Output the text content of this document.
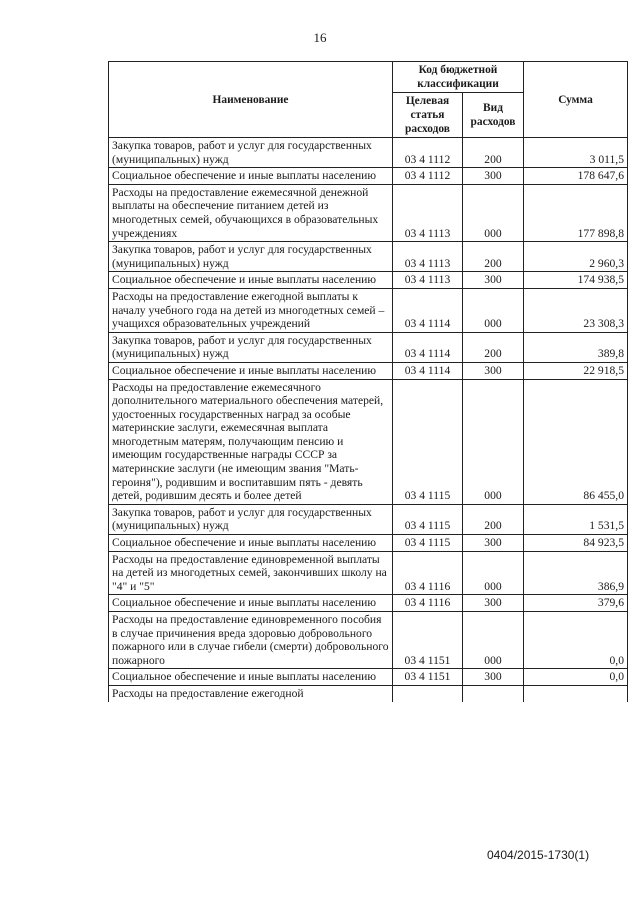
16
Наименование	Код бюджетной классификации		Сумма
	Целевая статья расходов	Вид расходов	
Закупка товаров, работ и услуг для государственных (муниципальных) нужд	03 4 1112	200	3 011,5
Социальное обеспечение и иные выплаты населению	03 4 1112	300	178 647,6
Расходы на предоставление ежемесячной денежной выплаты на обеспечение питанием детей из многодетных семей, обучающихся в образовательных учреждениях	03 4 1113	000	177 898,8
Закупка товаров, работ и услуг для государственных (муниципальных) нужд	03 4 1113	200	2 960,3
Социальное обеспечение и иные выплаты населению	03 4 1113	300	174 938,5
Расходы на предоставление ежегодной выплаты к началу учебного года на детей из многодетных семей – учащихся образовательных учреждений	03 4 1114	000	23 308,3
Закупка товаров, работ и услуг для государственных (муниципальных) нужд	03 4 1114	200	389,8
Социальное обеспечение и иные выплаты населению	03 4 1114	300	22 918,5
Расходы на предоставление ежемесячного дополнительного материального обеспечения матерей, удостоенных государственных наград за особые материнские заслуги, ежемесячная выплата многодетным матерям, получающим пенсию и имеющим государственные награды СССР за материнские заслуги (не имеющим звания "Мать-героиня"), родившим и воспитавшим пять - девять детей, родившим десять и более детей	03 4 1115	000	86 455,0
Закупка товаров, работ и услуг для государственных (муниципальных) нужд	03 4 1115	200	1 531,5
Социальное обеспечение и иные выплаты населению	03 4 1115	300	84 923,5
Расходы на предоставление единовременной выплаты на детей из многодетных семей, закончивших школу на "4" и "5"	03 4 1116	000	386,9
Социальное обеспечение и иные выплаты населению	03 4 1116	300	379,6
Расходы на предоставление единовременного пособия в случае причинения вреда здоровью добровольного пожарного или в случае гибели (смерти) добровольного пожарного	03 4 1151	000	0,0
Социальное обеспечение и иные выплаты населению	03 4 1151	300	0,0
Расходы на предоставление ежегодной			
0404/2015-1730(1)
